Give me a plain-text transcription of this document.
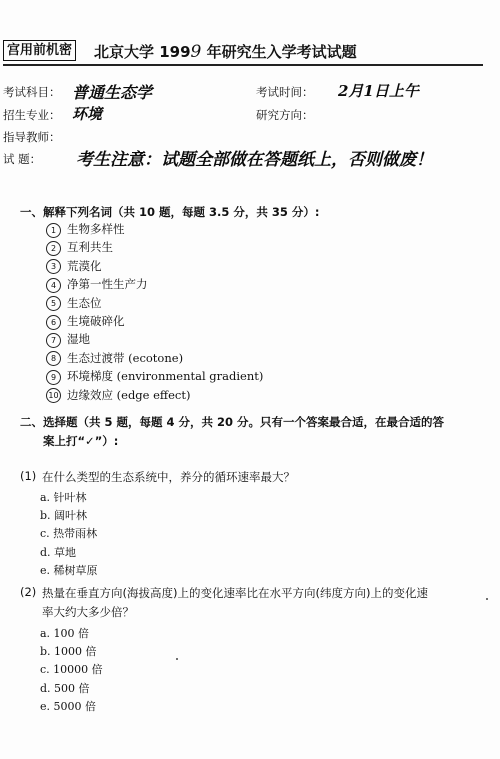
宫用前机密 北京大学 1999 年研究生入学考试试题
考试科目： 普通生态学	考试时间： 2月1日上午
招生专业： 环境	研究方向：
指导教师：
试 题： 考生注意：试题全部做在答题纸上，否则做废！
一、解释下列名词（共 10 题，每题 3.5 分，共 35 分）:
1 生物多样性
2 互利共生
3 荒漠化
4 净第一性生产力
5 生态位
6 生境破碎化
7 湿地
8 生态过渡带 (ecotone)
9 环境梯度 (environmental gradient)
10 边缘效应 (edge effect)
二、选择题（共 5 题，每题 4 分，共 20 分。只有一个答案最合适，在最合适的答
案上打“✓”）:
(1) 在什么类型的生态系统中，养分的循环速率最大？
a. 针叶林
b. 阔叶林
c. 热带雨林
d. 草地
e. 稀树草原
(2) 热量在垂直方向(海拔高度)上的变化速率比在水平方向(纬度方向)上的变化速
率大约大多少倍？
a. 100 倍
b. 1000 倍
c. 10000 倍
d. 500 倍
e. 5000 倍
